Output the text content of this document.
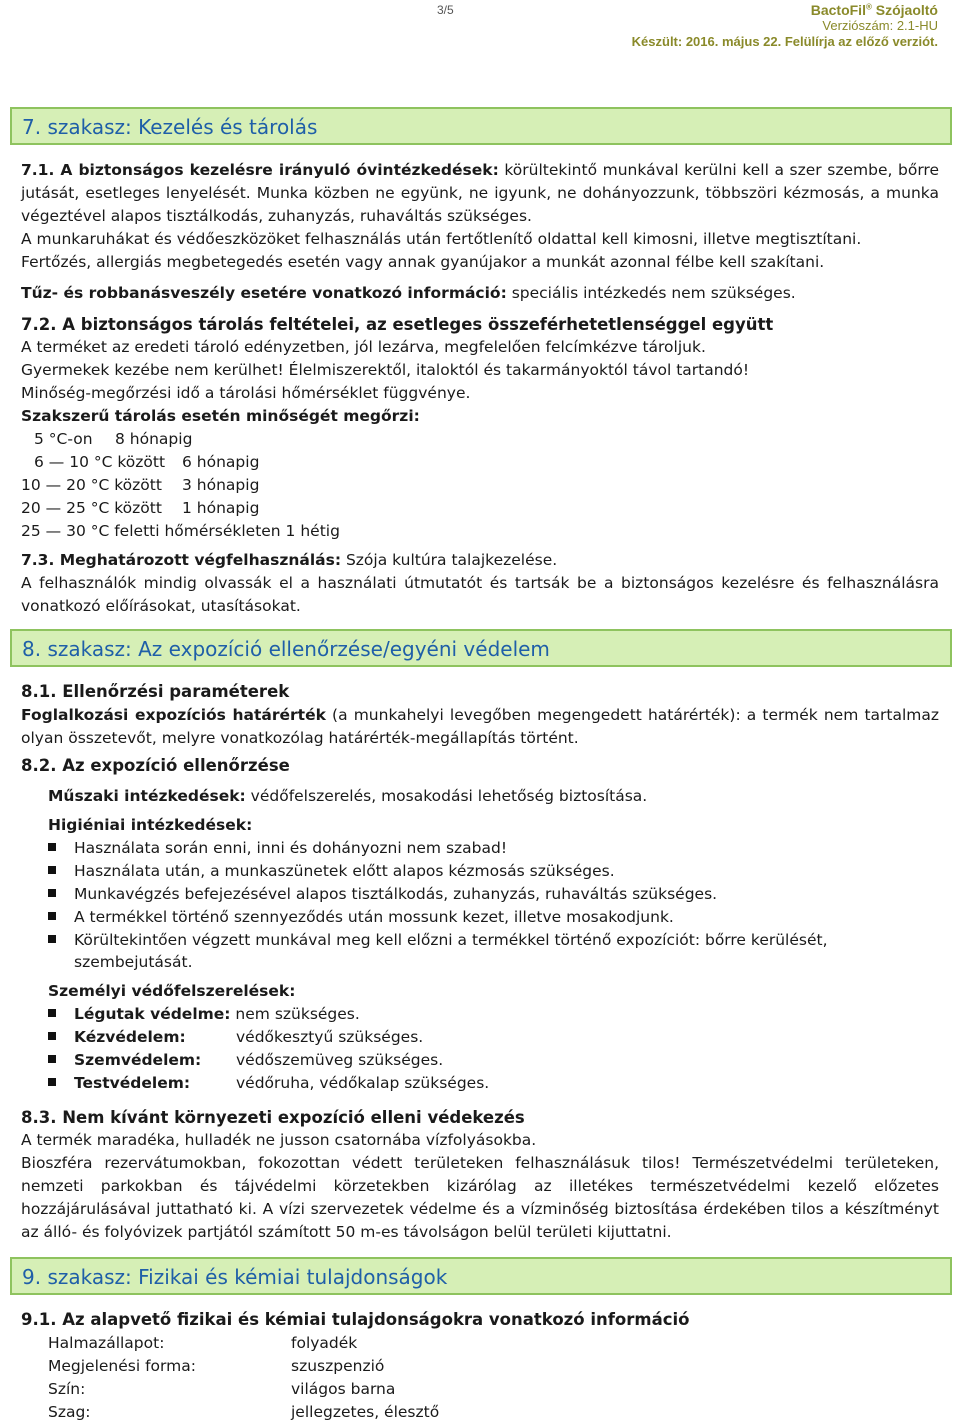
3/5	BactoFil® Szójaoltó
Verziószám: 2.1-HU
Készült: 2016. május 22. Felülírja az előző verziót.
7. szakasz: Kezelés és tárolás
7.1. A biztonságos kezelésre irányuló óvintézkedések: körültekintő munkával kerülni kell a szer szembe, bőrre jutását, esetleges lenyelését. Munka közben ne együnk, ne igyunk, ne dohányozzunk, többszöri kézmosás, a munka végeztével alapos tisztálkodás, zuhanyzás, ruhaváltás szükséges.
A munkaruhákat és védőeszközöket felhasználás után fertőtlenítő oldattal kell kimosni, illetve megtisztítani.
Fertőzés, allergiás megbetegedés esetén vagy annak gyanújakor a munkát azonnal félbe kell szakítani.
Tűz- és robbanásveszély esetére vonatkozó információ: speciális intézkedés nem szükséges.
7.2. A biztonságos tárolás feltételei, az esetleges összeférhetetlenséggel együtt
A terméket az eredeti tároló edényzetben, jól lezárva, megfelelően felcímkézve tároljuk.
Gyermekek kezébe nem kerülhet! Élelmiszerektől, italoktól és takarmányoktól távol tartandó!
Minőség-megőrzési idő a tárolási hőmérséklet függvénye.
Szakszerű tárolás esetén minőségét megőrzi:
5 °C-on 8 hónapig
6 — 10 °C között 6 hónapig
10 — 20 °C között 3 hónapig
20 — 25 °C között 1 hónapig
25 — 30 °C feletti hőmérsékleten 1 hétig
7.3. Meghatározott végfelhasználás: Szója kultúra talajkezelése.
A felhasználók mindig olvassák el a használati útmutatót és tartsák be a biztonságos kezelésre és felhasználásra vonatkozó előírásokat, utasításokat.
8. szakasz: Az expozíció ellenőrzése/egyéni védelem
8.1. Ellenőrzési paraméterek
Foglalkozási expozíciós határérték (a munkahelyi levegőben megengedett határérték): a termék nem tartalmaz olyan összetevőt, melyre vonatkozólag határérték-megállapítás történt.
8.2. Az expozíció ellenőrzése
Műszaki intézkedések: védőfelszerelés, mosakodási lehetőség biztosítása.
Higiéniai intézkedések:
Használata során enni, inni és dohányozni nem szabad!
Használata után, a munkaszünetek előtt alapos kézmosás szükséges.
Munkavégzés befejezésével alapos tisztálkodás, zuhanyzás, ruhaváltás szükséges.
A termékkel történő szennyeződés után mossunk kezet, illetve mosakodjunk.
Körültekintően végzett munkával meg kell előzni a termékkel történő expozíciót: bőrre kerülését, szembejutását.
Személyi védőfelszerelések:
Légutak védelme: nem szükséges.
Kézvédelem:	védőkesztyű szükséges.
Szemvédelem: védőszemüveg szükséges.
Testvédelem:	védőruha, védőkalap szükséges.
8.3. Nem kívánt környezeti expozíció elleni védekezés
A termék maradéka, hulladék ne jusson csatornába vízfolyásokba.
Bioszféra rezervátumokban, fokozottan védett területeken felhasználásuk tilos! Természetvédelmi területeken, nemzeti parkokban és tájvédelmi körzetekben kizárólag az illetékes természetvédelmi kezelő előzetes hozzájárulásával juttatható ki. A vízi szervezetek védelme és a vízminőség biztosítása érdekében tilos a készítményt az álló- és folyóvizek partjától számított 50 m-es távolságon belül területi kijuttatni.
9. szakasz: Fizikai és kémiai tulajdonságok
9.1. Az alapvető fizikai és kémiai tulajdonságokra vonatkozó információ
Halmazállapot:	folyadék
Megjelenési forma:	szuszpenzió
Szín:	világos barna
Szag:	jellegzetes, élesztő
